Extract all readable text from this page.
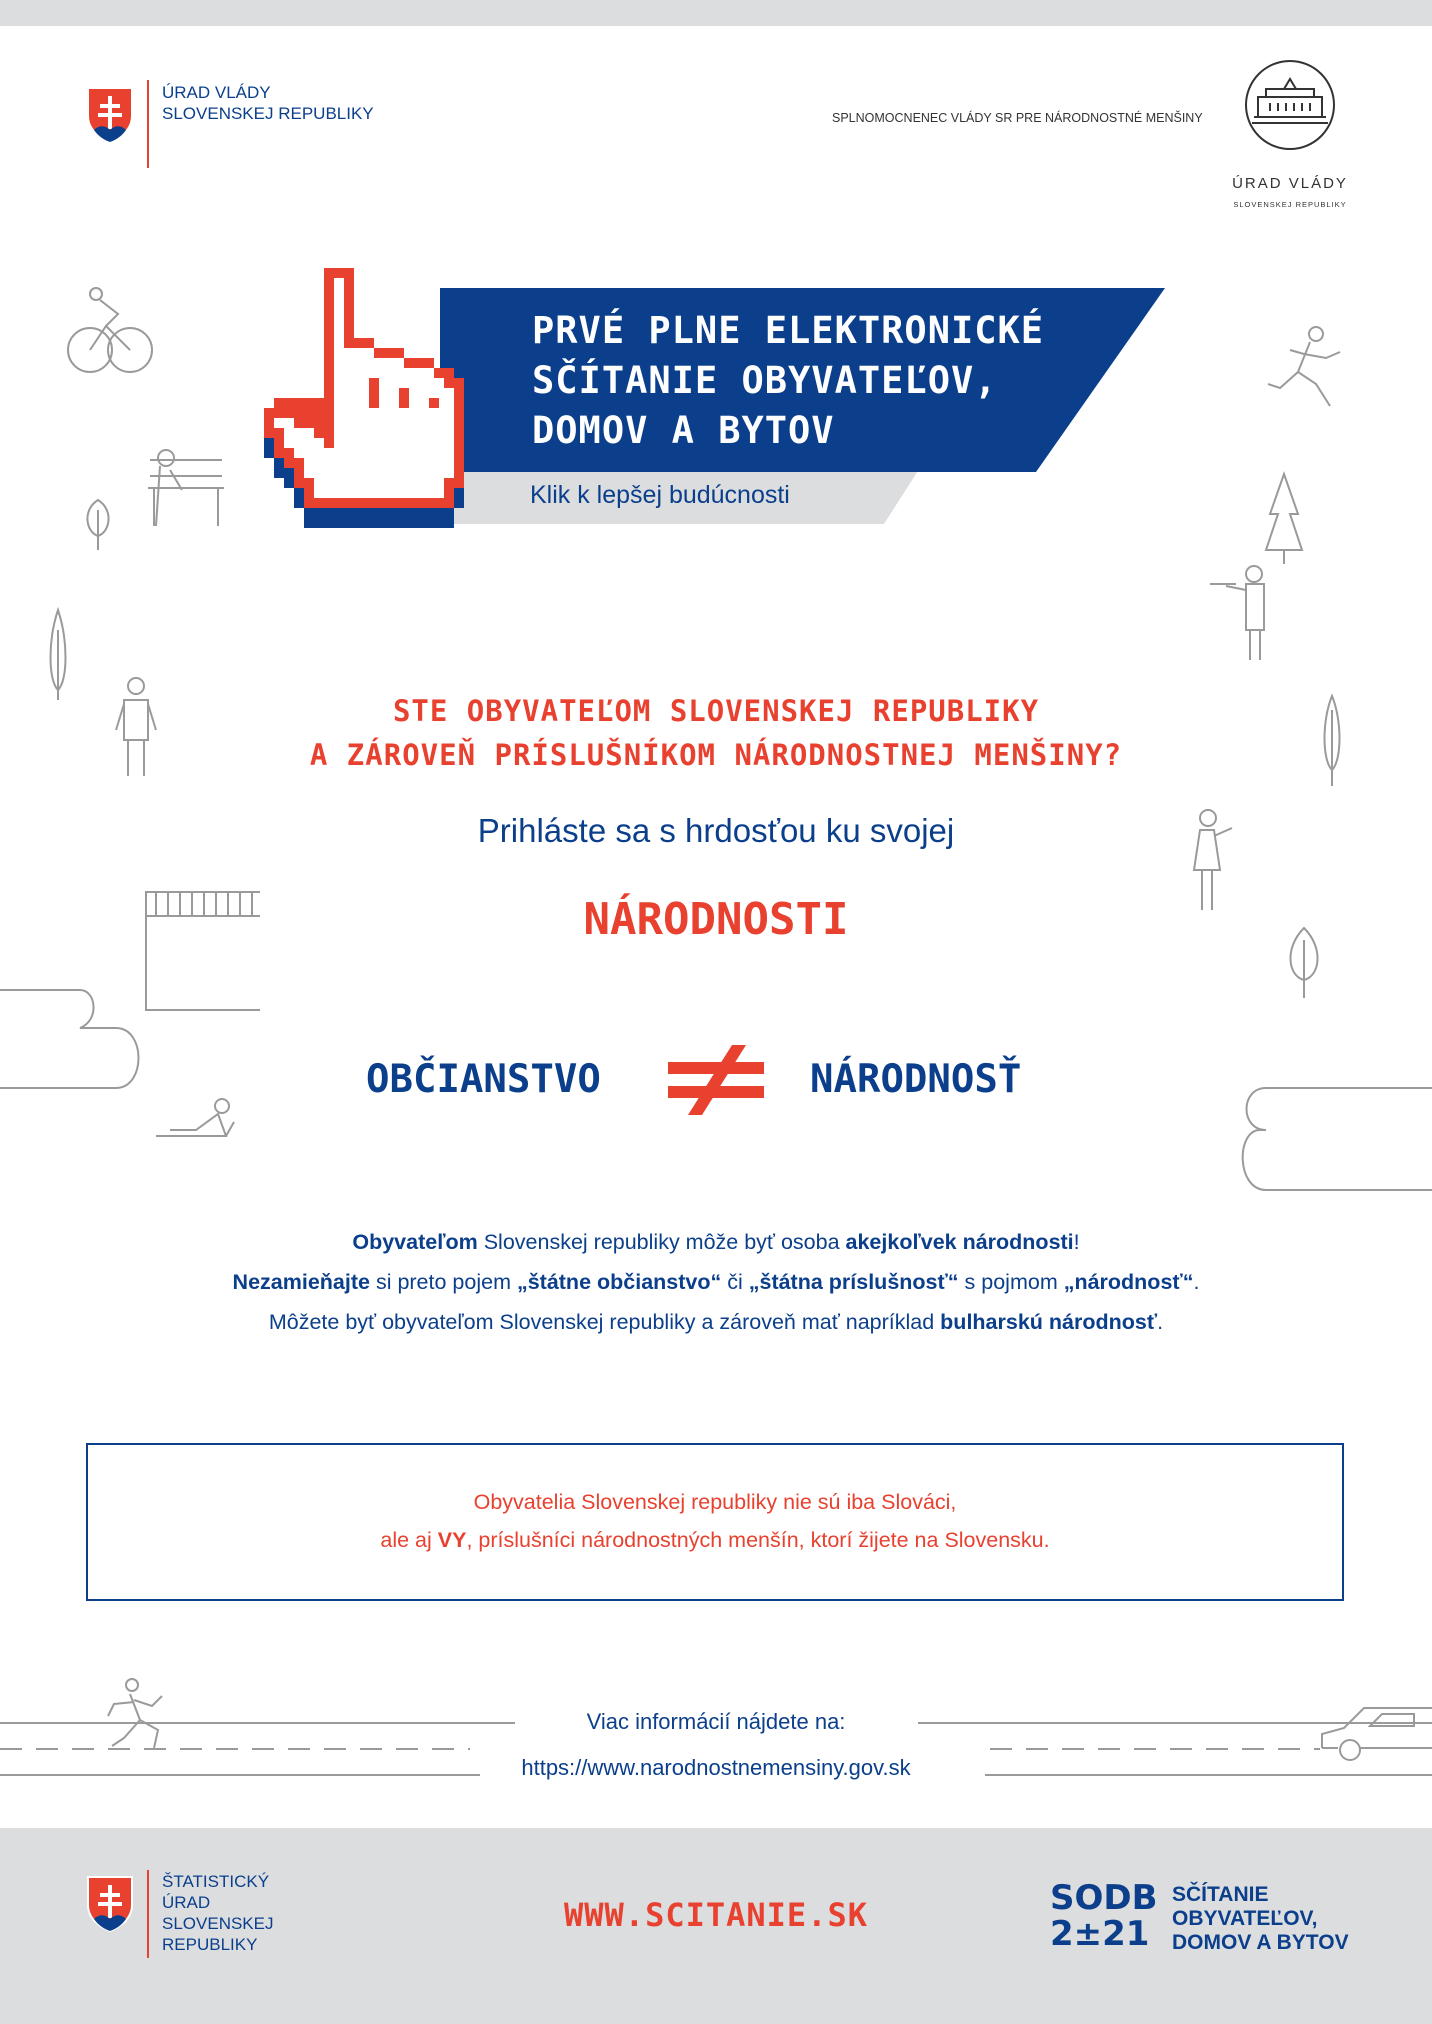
ÚRAD VLÁDY
SLOVENSKEJ REPUBLIKY	SPLNOMOCNENEC VLÁDY SR PRE NÁRODNOSTNÉ MENŠINY
ÚRAD VLÁDY
SLOVENSKEJ REPUBLIKY
PRVÉ PLNE ELEKTRONICKÉ
SČÍTANIE OBYVATEĽOV,
DOMOV A BYTOV
Klik k lepšej budúcnosti
STE OBYVATEĽOM SLOVENSKEJ REPUBLIKY
A ZÁROVEŇ PRÍSLUŠNÍKOM NÁRODNOSTNEJ MENŠINY?
Prihláste sa s hrdosťou ku svojej
NÁRODNOSTI
OBČIANSTVO	NÁRODNOSŤ
Obyvateľom Slovenskej republiky môže byť osoba akejkoľvek národnosti!
Nezamieňajte si preto pojem „štátne občianstvo“ či „štátna príslušnosť“ s pojmom „národnosť“.
Môžete byť obyvateľom Slovenskej republiky a zároveň mať napríklad bulharskú národnosť.
Obyvatelia Slovenskej republiky nie sú iba Slováci,
ale aj VY, príslušníci národnostných menšín, ktorí žijete na Slovensku.
Viac informácií nájdete na:
https://www.narodnostnemensiny.gov.sk
ŠTATISTICKÝ
ÚRAD
SLOVENSKEJ
REPUBLIKY
WWW.SCITANIE.SK	SODB
2±21
SČÍTANIE
OBYVATEĽOV,
DOMOV A BYTOV
